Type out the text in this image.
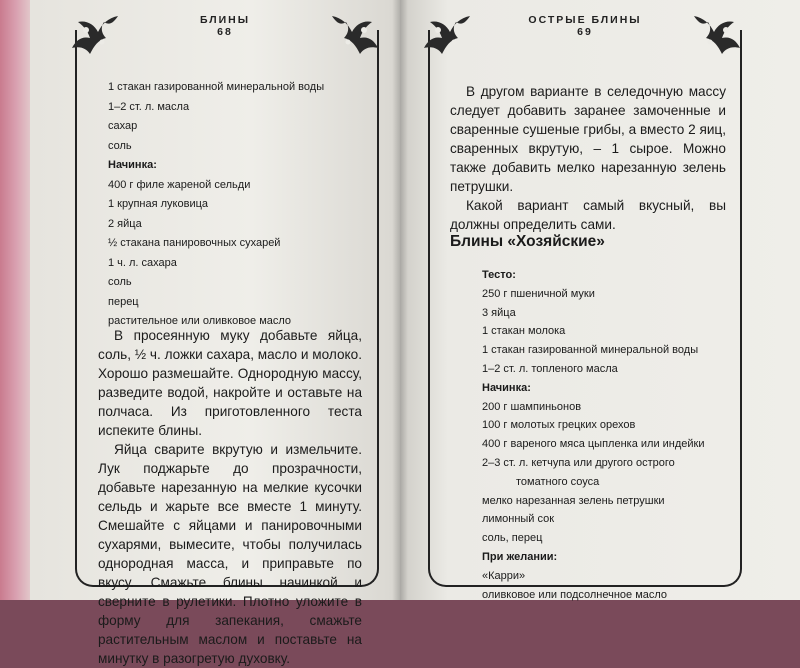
БЛИНЫ
68
ОСТРЫЕ БЛИНЫ
69
1 стакан газированной минеральной воды
1–2 ст. л. масла
сахар
соль
Начинка:
400 г филе жареной сельди
1 крупная луковица
2 яйца
½ стакана панировочных сухарей
1 ч. л. сахара
соль
перец
растительное или оливковое масло

В просеянную муку добавьте яйца, соль, ½ ч. ложки сахара, масло и молоко. Хорошо размешайте. Однородную массу, разведите водой, накройте и оставьте на полчаса. Из приготовленного теста испеките блины.

Яйца сварите вкрутую и измельчите. Лук поджарьте до прозрачности, добавьте нарезанную на мелкие кусочки сельдь и жарьте все вместе 1 минуту. Смешайте с яйцами и панировочными сухарями, вымесите, чтобы получилась однородная масса, и приправьте по вкусу. Смажьте блины начинкой и сверните в рулетики. Плотно уложите в форму для запекания, смажьте растительным маслом и поставьте на минутку в разогретую духовку.

В другом варианте в селедочную массу следует добавить заранее замоченные и сваренные сушеные грибы, а вместо 2 яиц, сваренных вкрутую, – 1 сырое. Можно также добавить мелко нарезанную зелень петрушки.

Какой вариант самый вкусный, вы должны определить сами.

Блины «Хозяйские»
Тесто:
250 г пшеничной муки
3 яйца
1 стакан молока
1 стакан газированной минеральной воды
1–2 ст. л. топленого масла
Начинка:
200 г шампиньонов
100 г молотых грецких орехов
400 г вареного мяса цыпленка или индейки
2–3 ст. л. кетчупа или другого острого
томатного соуса
мелко нарезанная зелень петрушки
лимонный сок
соль, перец
При желании:
«Карри»
оливковое или подсолнечное масло
